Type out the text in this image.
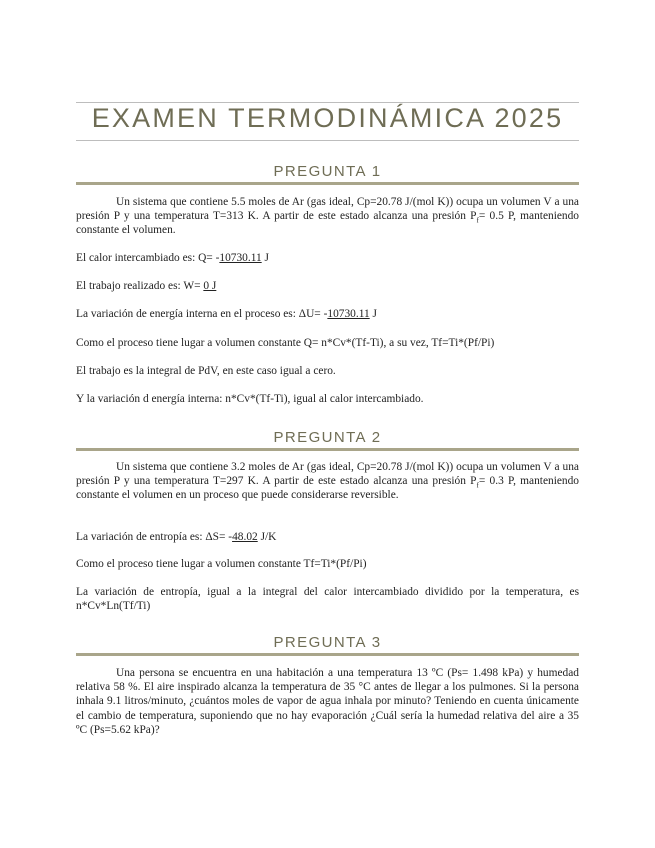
EXAMEN TERMODINÁMICA 2025
PREGUNTA 1

Un sistema que contiene 5.5 moles de Ar (gas ideal, Cp=20.78 J/(mol K)) ocupa un volumen V a una presión P y una temperatura T=313 K. A partir de este estado alcanza una presión $P_f= 0.5$ P, manteniendo constante el volumen.

El calor intercambiado es: Q= -10730.11 J

El trabajo realizado es: W= 0 J

La variación de energía interna en el proceso es: ΔU= -10730.11 J

Como el proceso tiene lugar a volumen constante Q= n*Cv*(Tf-Ti), a su vez, Tf=Ti*(Pf/Pi)

El trabajo es la integral de PdV, en este caso igual a cero.

Y la variación d energía interna: n*Cv*(Tf-Ti), igual al calor intercambiado.

PREGUNTA 2

Un sistema que contiene 3.2 moles de Ar (gas ideal, Cp=20.78 J/(mol K)) ocupa un volumen V a una presión P y una temperatura T=297 K. A partir de este estado alcanza una presión $P_f= 0.3$ P, manteniendo constante el volumen en un proceso que puede considerarse reversible.

La variación de entropía es: ΔS= -48.02 J/K

Como el proceso tiene lugar a volumen constante Tf=Ti*(Pf/Pi)

La variación de entropía, igual a la integral del calor intercambiado dividido por la temperatura, es n*Cv*Ln(Tf/Ti)

PREGUNTA 3

Una persona se encuentra en una habitación a una temperatura 13 ºC (Ps= 1.498 kPa) y humedad relativa 58 %. El aire inspirado alcanza la temperatura de 35 °C antes de llegar a los pulmones. Si la persona inhala 9.1 litros/minuto, ¿cuántos moles de vapor de agua inhala por minuto? Teniendo en cuenta únicamente el cambio de temperatura, suponiendo que no hay evaporación ¿Cuál sería la humedad relativa del aire a 35 ºC (Ps=5.62 kPa)?
